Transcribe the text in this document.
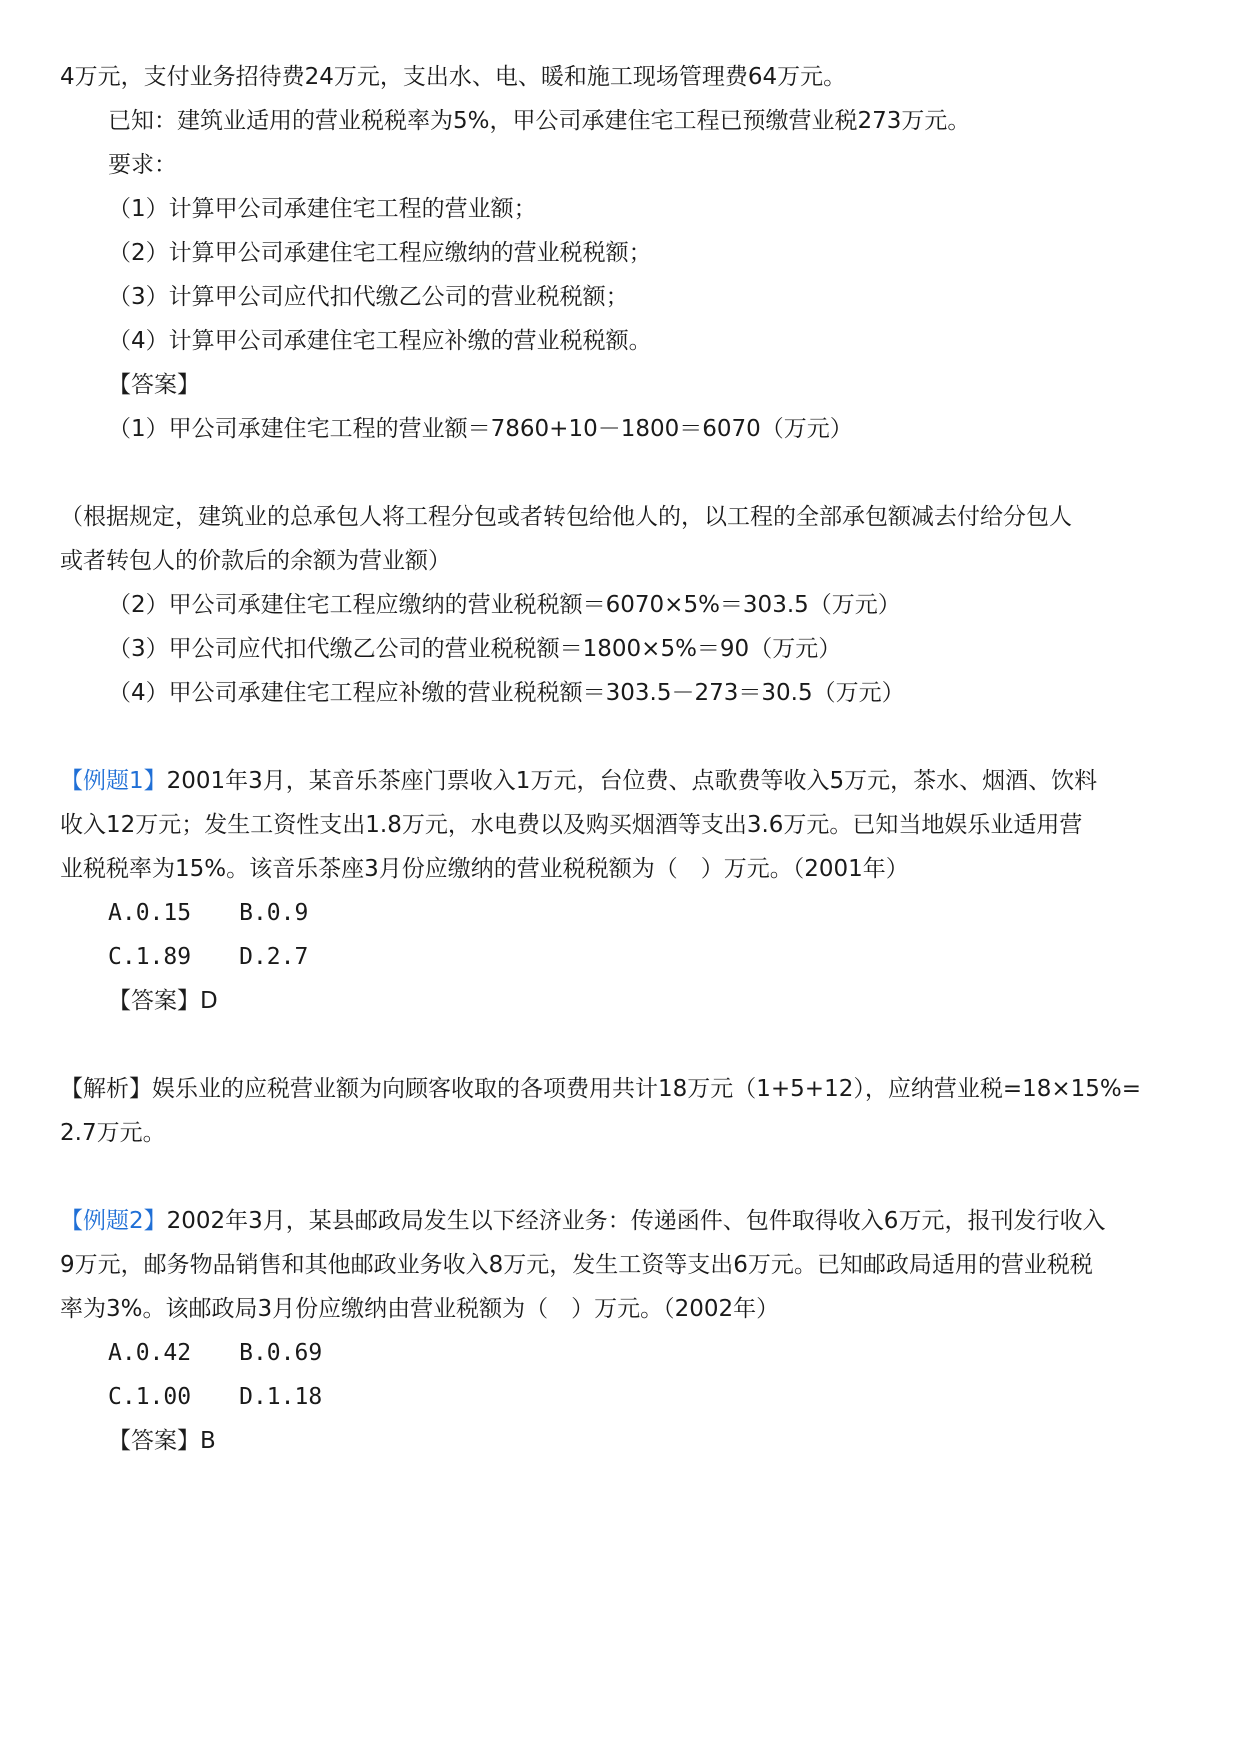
4万元，支付业务招待费24万元，支出水、电、暖和施工现场管理费64万元。
已知：建筑业适用的营业税税率为5%，甲公司承建住宅工程已预缴营业税273万元。
要求：
（1）计算甲公司承建住宅工程的营业额；
（2）计算甲公司承建住宅工程应缴纳的营业税税额；
（3）计算甲公司应代扣代缴乙公司的营业税税额；
（4）计算甲公司承建住宅工程应补缴的营业税税额。
【答案】
（1）甲公司承建住宅工程的营业额＝7860+10－1800＝6070（万元）
（根据规定，建筑业的总承包人将工程分包或者转包给他人的，以工程的全部承包额减去付给分包人
或者转包人的价款后的余额为营业额）
（2）甲公司承建住宅工程应缴纳的营业税税额＝6070×5%＝303.5（万元）
（3）甲公司应代扣代缴乙公司的营业税税额＝1800×5%＝90（万元）
（4）甲公司承建住宅工程应补缴的营业税税额＝303.5－273＝30.5（万元）
【例题1】2001年3月，某音乐茶座门票收入1万元，台位费、点歌费等收入5万元，茶水、烟酒、饮料
收入12万元；发生工资性支出1.8万元，水电费以及购买烟酒等支出3.6万元。已知当地娱乐业适用营
业税税率为15%。该音乐茶座3月份应缴纳的营业税税额为（　）万元。（2001年）
A.0.15 B.0.9
C.1.89 D.2.7
【答案】D
【解析】娱乐业的应税营业额为向顾客收取的各项费用共计18万元（1+5+12），应纳营业税=18×15%=
2.7万元。
【例题2】2002年3月，某县邮政局发生以下经济业务：传递函件、包件取得收入6万元，报刊发行收入
9万元，邮务物品销售和其他邮政业务收入8万元，发生工资等支出6万元。已知邮政局适用的营业税税
率为3%。该邮政局3月份应缴纳由营业税额为（　）万元。（2002年）
A.0.42 B.0.69
C.1.00 D.1.18
【答案】B
